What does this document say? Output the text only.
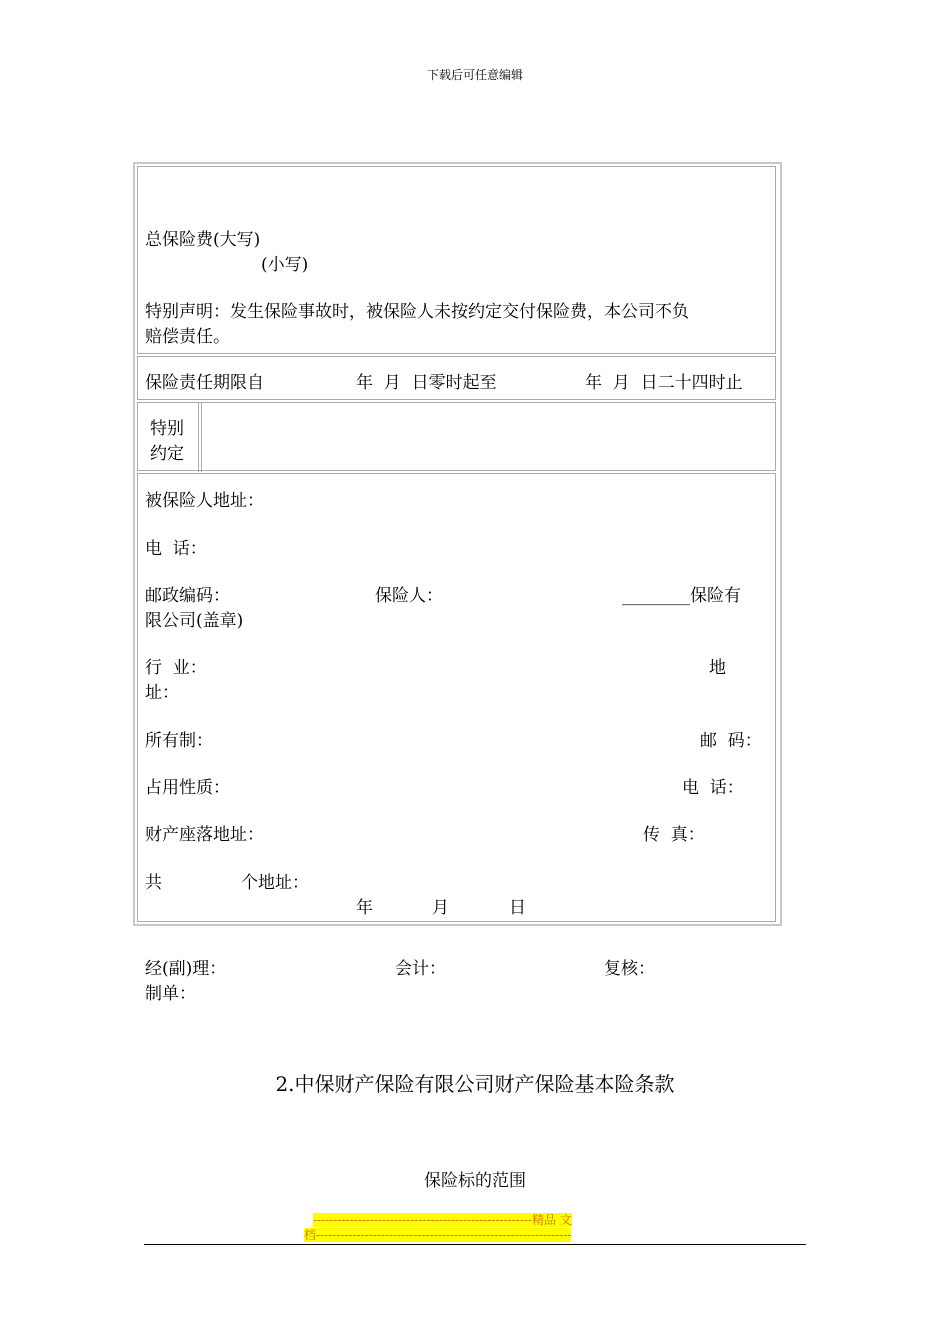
下载后可任意编辑
总保险费(大写)
(小写)
特别声明：发生保险事故时，被保险人未按约定交付保险费，本公司不负
赔偿责任。
保险责任期限自	年  月  日零时起至	年  月  日二十四时止
特别
约定
被保险人地址：
电  话：
邮政编码：	保险人：	________保险有
限公司(盖章)
行  业：	地
址：
所有制：	邮  码：
占用性质：	电  话：
财产座落地址：	传  真：
共	个地址：
年	月	日
经(副)理：	会计：	复核：
制单：
2.中保财产保险有限公司财产保险基本险条款
保险标的范围
------------------------------------------------------精品 文
档---------------------------------------------------------------
